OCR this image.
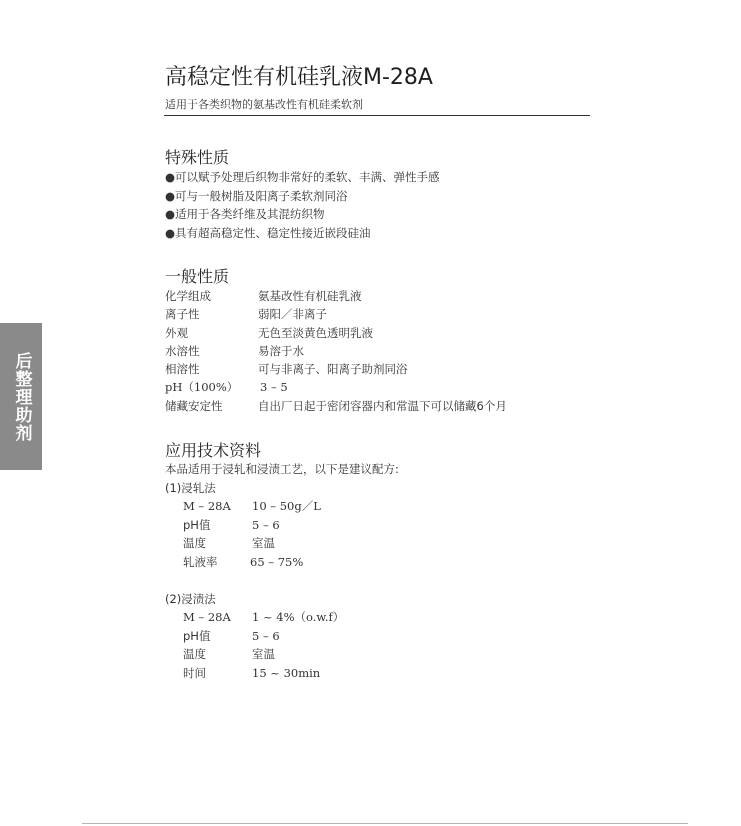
后整理助剂
高稳定性有机硅乳液M-28A
适用于各类织物的氨基改性有机硅柔软剂
特殊性质
●可以赋予处理后织物非常好的柔软、丰满、弹性手感
●可与一般树脂及阳离子柔软剂同浴
●适用于各类纤维及其混纺织物
●具有超高稳定性、稳定性接近嵌段硅油
一般性质
化学组成	氨基改性有机硅乳液
离子性	弱阳／非离子
外观	无色至淡黄色透明乳液
水溶性	易溶于水
相溶性	可与非离子、阳离子助剂同浴
pH（100%） 3 – 5
储藏安定性	自出厂日起于密闭容器内和常温下可以储藏6个月
应用技术资料
本品适用于浸轧和浸渍工艺，以下是建议配方:
(1)浸轧法
M – 28A 10 – 50g／L
pH值	5 – 6
温度	室温
轧液率	65 – 75%
(2)浸渍法
M – 28A 1 ~ 4%（o.w.f）
pH值	5 – 6
温度	室温
时间	15 ~ 30min
